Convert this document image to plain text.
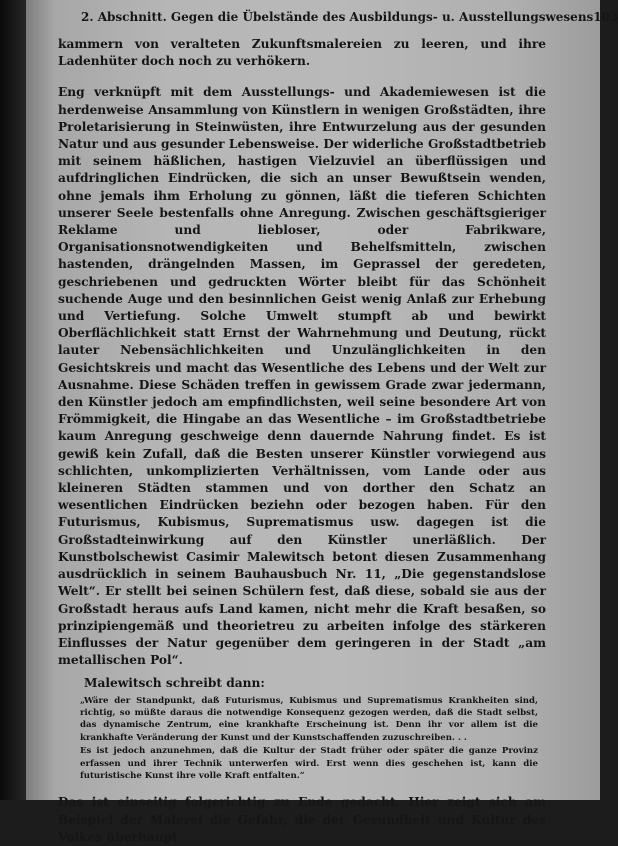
2. Abschnitt. Gegen die Übelstände des Ausbildungs- u. Ausstellungswesens 103

kammern von veralteten Zukunftsmalereien zu leeren, und ihre Ladenhüter doch noch zu verhökern.

Eng verknüpft mit dem Ausstellungs- und Akademiewesen ist die herdenweise Ansammlung von Künstlern in wenigen Großstädten, ihre Proletarisierung in Steinwüsten, ihre Entwurzelung aus der gesunden Natur und aus gesunder Lebensweise. Der widerliche Großstadtbetrieb mit seinem häßlichen, hastigen Vielzuviel an überflüssigen und aufdringlichen Eindrücken, die sich an unser Bewußtsein wenden, ohne jemals ihm Erholung zu gönnen, läßt die tieferen Schichten unserer Seele bestenfalls ohne Anregung. Zwischen geschäftsgieriger Reklame und liebloser, oder Fabrikware, Organisationsnotwendigkeiten und Behelfsmitteln, zwischen hastenden, drängelnden Massen, im Geprassel der geredeten, geschriebenen und gedruckten Wörter bleibt für das Schönheit suchende Auge und den besinnlichen Geist wenig Anlaß zur Erhebung und Vertiefung. Solche Umwelt stumpft ab und bewirkt Oberflächlichkeit statt Ernst der Wahrnehmung und Deutung, rückt lauter Nebensächlichkeiten und Unzulänglichkeiten in den Gesichtskreis und macht das Wesentliche des Lebens und der Welt zur Ausnahme. Diese Schäden treffen in gewissem Grade zwar jedermann, den Künstler jedoch am empfindlichsten, weil seine besondere Art von Frömmigkeit, die Hingabe an das Wesentliche – im Großstadtbetriebe kaum Anregung geschweige denn dauernde Nahrung findet. Es ist gewiß kein Zufall, daß die Besten unserer Künstler vorwiegend aus schlichten, unkomplizierten Verhältnissen, vom Lande oder aus kleineren Städten stammen und von dorther den Schatz an wesentlichen Eindrücken beziehn oder bezogen haben. Für den Futurismus, Kubismus, Suprematismus usw. dagegen ist die Großstadteinwirkung auf den Künstler unerläßlich. Der Kunstbolschewist Casimir Malewitsch betont diesen Zusammenhang ausdrücklich in seinem Bauhausbuch Nr. 11, „Die gegenstandslose Welt“. Er stellt bei seinen Schülern fest, daß diese, sobald sie aus der Großstadt heraus aufs Land kamen, nicht mehr die Kraft besaßen, so prinzipiengemäß und theorietreu zu arbeiten infolge des stärkeren Einflusses der Natur gegenüber dem geringeren in der Stadt „am metallischen Pol“.

Malewitsch schreibt dann:

„Wäre der Standpunkt, daß Futurismus, Kubismus und Suprematismus Krankheiten sind, richtig, so müßte daraus die notwendige Konsequenz gezogen werden, daß die Stadt selbst, das dynamische Zentrum, eine krankhafte Erscheinung ist. Denn ihr vor allem ist die krankhafte Veränderung der Kunst und der Kunstschaffenden zuzuschreiben. . .

Es ist jedoch anzunehmen, daß die Kultur der Stadt früher oder später die ganze Provinz erfassen und ihrer Technik unterwerfen wird. Erst wenn dies geschehen ist, kann die futuristische Kunst ihre volle Kraft entfalten.“

Das ist einseitig folgerichtig zu Ende gedacht. Hier zeigt sich am Beispiel der Malerei die Gefahr, die der Gesundheit und Kultur des Volkes überhaupt
